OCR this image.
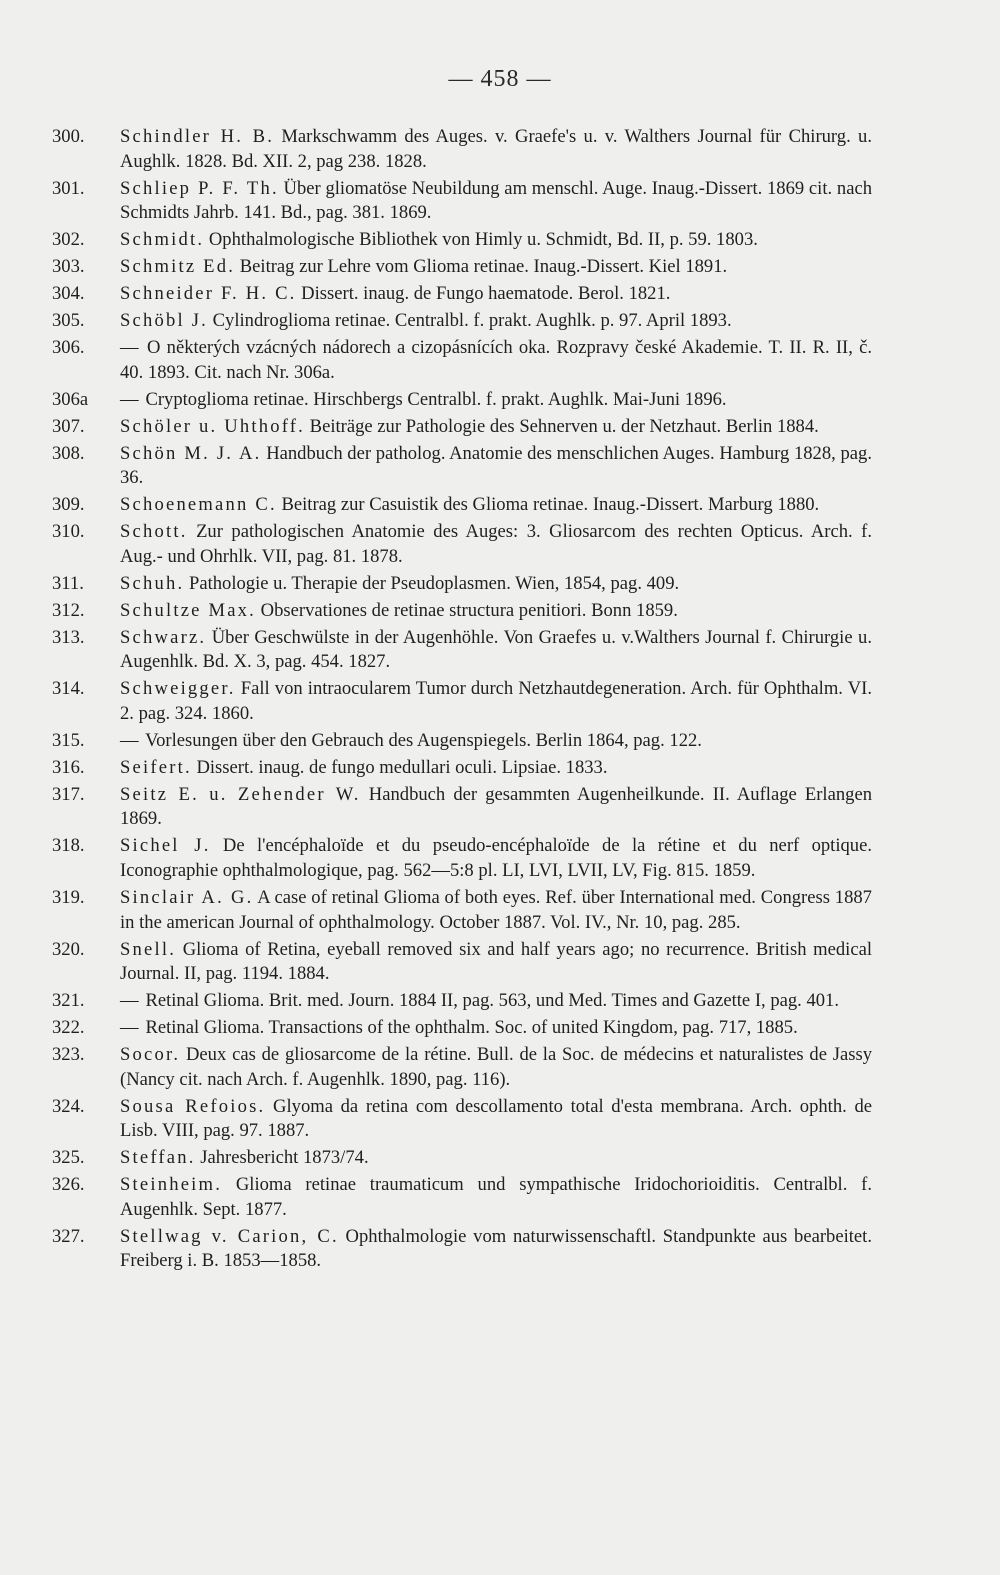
— 458 —
300.	Schindler H. B. Markschwamm des Auges. v. Graefe's u. v. Walthers Journal für Chirurg. u. Aughlk. 1828. Bd. XII. 2, pag 238. 1828.
301.	Schliep P. F. Th. Über gliomatöse Neubildung am menschl. Auge. Inaug.-Dissert. 1869 cit. nach Schmidts Jahrb. 141. Bd., pag. 381. 1869.
302.	Schmidt. Ophthalmologische Bibliothek von Himly u. Schmidt, Bd. II, p. 59. 1803.
303.	Schmitz Ed. Beitrag zur Lehre vom Glioma retinae. Inaug.-Dissert. Kiel 1891.
304.	Schneider F. H. C. Dissert. inaug. de Fungo haematode. Berol. 1821.
305.	Schöbl J. Cylindroglioma retinae. Centralbl. f. prakt. Aughlk. p. 97. April 1893.
306.	— O některých vzácných nádorech a cizopásnících oka. Rozpravy české Akademie. T. II. R. II, č. 40. 1893. Cit. nach Nr. 306a.
306a	— Cryptoglioma retinae. Hirschbergs Centralbl. f. prakt. Aughlk. Mai-Juni 1896.
307.	Schöler u. Uhthoff. Beiträge zur Pathologie des Sehnerven u. der Netzhaut. Berlin 1884.
308.	Schön M. J. A. Handbuch der patholog. Anatomie des menschlichen Auges. Hamburg 1828, pag. 36.
309.	Schoenemann C. Beitrag zur Casuistik des Glioma retinae. Inaug.-Dissert. Marburg 1880.
310.	Schott. Zur pathologischen Anatomie des Auges: 3. Gliosarcom des rechten Opticus. Arch. f. Aug.- und Ohrhlk. VII, pag. 81. 1878.
311.	Schuh. Pathologie u. Therapie der Pseudoplasmen. Wien, 1854, pag. 409.
312.	Schultze Max. Observationes de retinae structura penitiori. Bonn 1859.
313.	Schwarz. Über Geschwülste in der Augenhöhle. Von Graefes u. v.Walthers Journal f. Chirurgie u. Augenhlk. Bd. X. 3, pag. 454. 1827.
314.	Schweigger. Fall von intraocularem Tumor durch Netzhautdegeneration. Arch. für Ophthalm. VI. 2. pag. 324. 1860.
315.	— Vorlesungen über den Gebrauch des Augenspiegels. Berlin 1864, pag. 122.
316.	Seifert. Dissert. inaug. de fungo medullari oculi. Lipsiae. 1833.
317.	Seitz E. u. Zehender W. Handbuch der gesammten Augenheilkunde. II. Auflage Erlangen 1869.
318.	Sichel J. De l'encéphaloïde et du pseudo-encéphaloïde de la rétine et du nerf optique. Iconographie ophthalmologique, pag. 562—5:8 pl. LI, LVI, LVII, LV, Fig. 815. 1859.
319.	Sinclair A. G. A case of retinal Glioma of both eyes. Ref. über International med. Congress 1887 in the american Journal of ophthalmology. October 1887. Vol. IV., Nr. 10, pag. 285.
320.	Snell. Glioma of Retina, eyeball removed six and half years ago; no recurrence. British medical Journal. II, pag. 1194. 1884.
321.	— Retinal Glioma. Brit. med. Journ. 1884 II, pag. 563, und Med. Times and Gazette I, pag. 401.
322.	— Retinal Glioma. Transactions of the ophthalm. Soc. of united Kingdom, pag. 717, 1885.
323.	Socor. Deux cas de gliosarcome de la rétine. Bull. de la Soc. de médecins et naturalistes de Jassy (Nancy cit. nach Arch. f. Augenhlk. 1890, pag. 116).
324.	Sousa Refoios. Glyoma da retina com descollamento total d'esta membrana. Arch. ophth. de Lisb. VIII, pag. 97. 1887.
325.	Steffan. Jahresbericht 1873/74.
326.	Steinheim. Glioma retinae traumaticum und sympathische Iridochorioiditis. Centralbl. f. Augenhlk. Sept. 1877.
327.	Stellwag v. Carion, C. Ophthalmologie vom naturwissenschaftl. Standpunkte aus bearbeitet. Freiberg i. B. 1853—1858.
